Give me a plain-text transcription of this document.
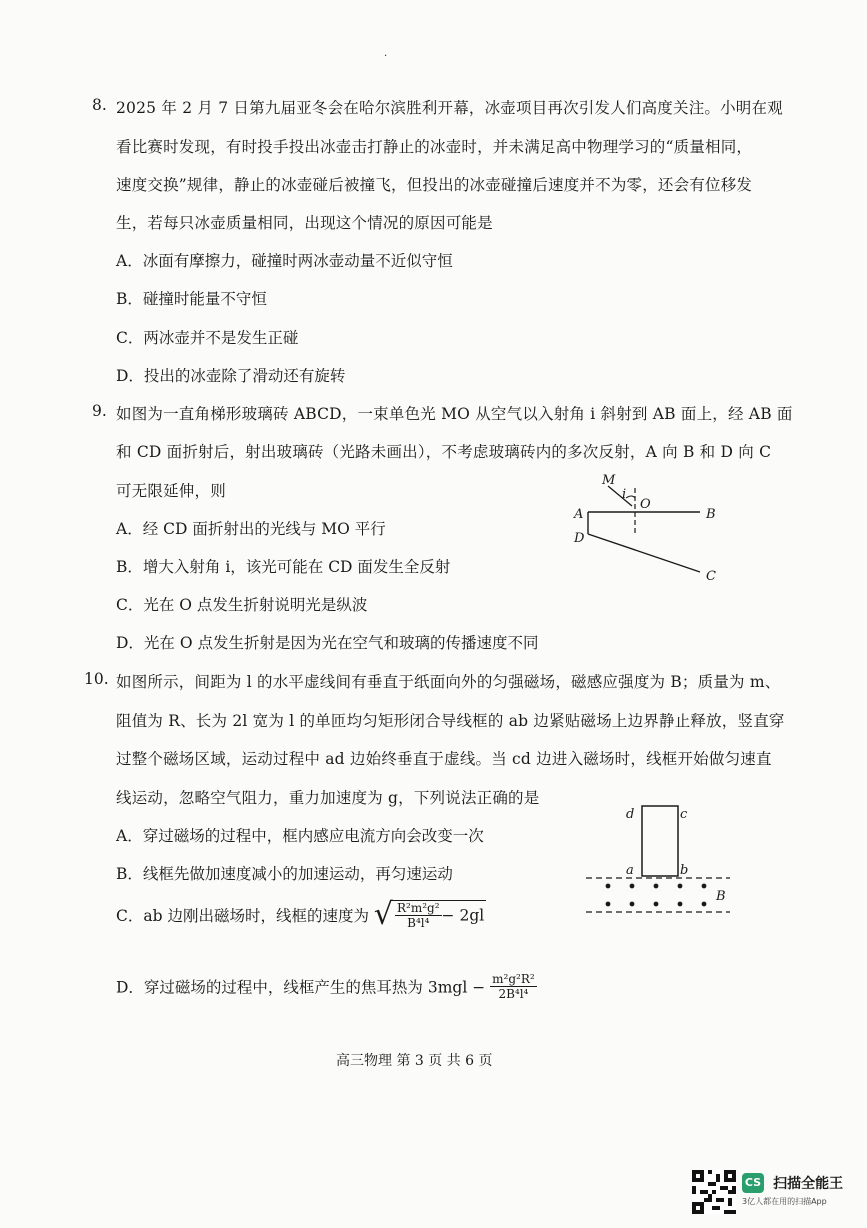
.
8. 2025 年 2 月 7 日第九届亚冬会在哈尔滨胜利开幕，冰壶项目再次引发人们高度关注。小明在观
看比赛时发现，有时投手投出冰壶击打静止的冰壶时，并未满足高中物理学习的“质量相同，
速度交换”规律，静止的冰壶碰后被撞飞，但投出的冰壶碰撞后速度并不为零，还会有位移发
生，若每只冰壶质量相同，出现这个情况的原因可能是
A．冰面有摩擦力，碰撞时两冰壶动量不近似守恒
B．碰撞时能量不守恒
C．两冰壶并不是发生正碰
D．投出的冰壶除了滑动还有旋转
9. 如图为一直角梯形玻璃砖 ABCD，一束单色光 MO 从空气以入射角 i 斜射到 AB 面上，经 AB 面
和 CD 面折射后，射出玻璃砖（光路未画出），不考虑玻璃砖内的多次反射，A 向 B 和 D 向 C
可无限延伸，则
A．经 CD 面折射出的光线与 MO 平行
B．增大入射角 i，该光可能在 CD 面发生全反射
C．光在 O 点发生折射说明光是纵波
D．光在 O 点发生折射是因为光在空气和玻璃的传播速度不同
M
i
O
A	B
D
C
10. 如图所示，间距为 l 的水平虚线间有垂直于纸面向外的匀强磁场，磁感应强度为 B；质量为 m、
阻值为 R、长为 2l 宽为 l 的单匝均匀矩形闭合导线框的 ab 边紧贴磁场上边界静止释放，竖直穿
过整个磁场区域，运动过程中 ad 边始终垂直于虚线。当 cd 边进入磁场时，线框开始做匀速直
线运动，忽略空气阻力，重力加速度为 g，下列说法正确的是
A．穿过磁场的过程中，框内感应电流方向会改变一次
B．线框先做加速度减小的加速运动，再匀速运动
C．ab 边刚出磁场时，线框的速度为 √ $\frac{\text{R²m²g²}}{\text{B⁴l⁴}} - 2gl$
D．穿过磁场的过程中，线框产生的焦耳热为 $3mgl - \frac{\text{m²g²R²}}{\text{2B⁴l⁴}}$
d	c
a	b
B
高三物理 第 3 页 共 6 页
CS 扫描全能王
3亿人都在用的扫描App
